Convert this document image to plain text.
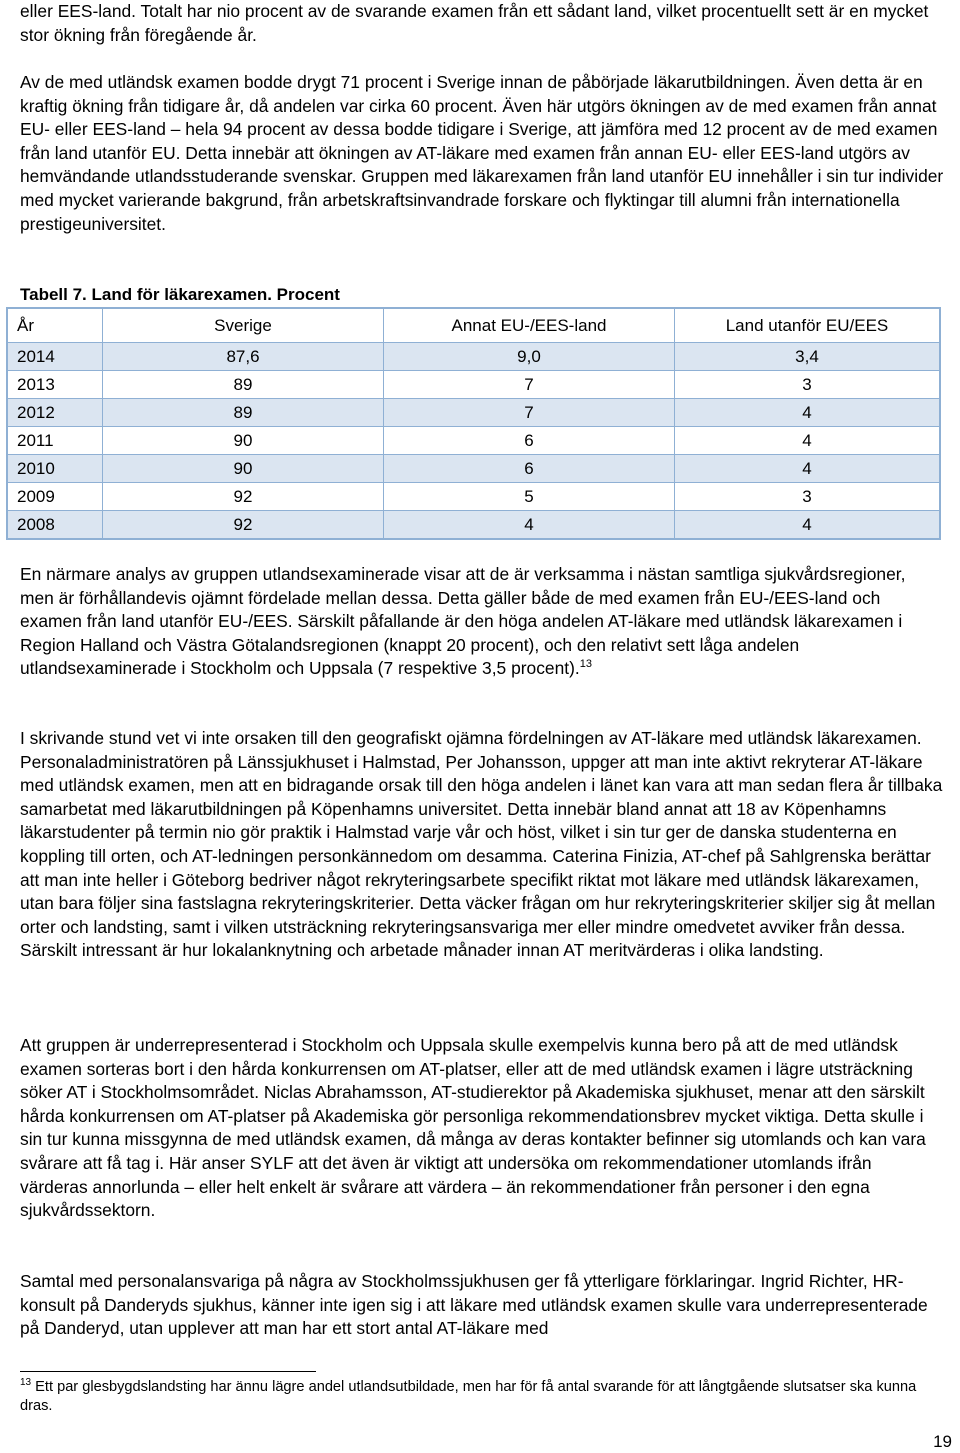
eller EES-land. Totalt har nio procent av de svarande examen från ett sådant land, vilket procentuellt sett är en mycket stor ökning från föregående år.

Av de med utländsk examen bodde drygt 71 procent i Sverige innan de påbörjade läkarutbildningen. Även detta är en kraftig ökning från tidigare år, då andelen var cirka 60 procent. Även här utgörs ökningen av de med examen från annat EU- eller EES-land – hela 94 procent av dessa bodde tidigare i Sverige, att jämföra med 12 procent av de med examen från land utanför EU. Detta innebär att ökningen av AT-läkare med examen från annan EU- eller EES-land utgörs av hemvändande utlandsstuderande svenskar. Gruppen med läkarexamen från land utanför EU innehåller i sin tur individer med mycket varierande bakgrund, från arbetskraftsinvandrade forskare och flyktingar till alumni från internationella prestigeuniversitet.

Tabell 7. Land för läkarexamen. Procent
År	Sverige	Annat EU-/EES-land	Land utanför EU/EES
2014	87,6	9,0	3,4
2013	89	7	3
2012	89	7	4
2011	90	6	4
2010	90	6	4
2009	92	5	3
2008	92	4	4

En närmare analys av gruppen utlandsexaminerade visar att de är verksamma i nästan samtliga sjukvårdsregioner, men är förhållandevis ojämnt fördelade mellan dessa. Detta gäller både de med examen från EU-/EES-land och examen från land utanför EU-/EES. Särskilt påfallande är den höga andelen AT-läkare med utländsk läkarexamen i Region Halland och Västra Götalandsregionen (knappt 20 procent), och den relativt sett låga andelen utlandsexaminerade i Stockholm och Uppsala (7 respektive 3,5 procent).$^{13}$

I skrivande stund vet vi inte orsaken till den geografiskt ojämna fördelningen av AT-läkare med utländsk läkarexamen. Personaladministratören på Länssjukhuset i Halmstad, Per Johansson, uppger att man inte aktivt rekryterar AT-läkare med utländsk examen, men att en bidragande orsak till den höga andelen i länet kan vara att man sedan flera år tillbaka samarbetat med läkarutbildningen på Köpenhamns universitet. Detta innebär bland annat att 18 av Köpenhamns läkarstudenter på termin nio gör praktik i Halmstad varje vår och höst, vilket i sin tur ger de danska studenterna en koppling till orten, och AT-ledningen personkännedom om desamma. Caterina Finizia, AT-chef på Sahlgrenska berättar att man inte heller i Göteborg bedriver något rekryteringsarbete specifikt riktat mot läkare med utländsk läkarexamen, utan bara följer sina fastslagna rekryteringskriterier. Detta väcker frågan om hur rekryteringskriterier skiljer sig åt mellan orter och landsting, samt i vilken utsträckning rekryteringsansvariga mer eller mindre omedvetet avviker från dessa. Särskilt intressant är hur lokalanknytning och arbetade månader innan AT meritvärderas i olika landsting.

Att gruppen är underrepresenterad i Stockholm och Uppsala skulle exempelvis kunna bero på att de med utländsk examen sorteras bort i den hårda konkurrensen om AT-platser, eller att de med utländsk examen i lägre utsträckning söker AT i Stockholmsområdet. Niclas Abrahamsson, AT-studierektor på Akademiska sjukhuset, menar att den särskilt hårda konkurrensen om AT-platser på Akademiska gör personliga rekommendationsbrev mycket viktiga. Detta skulle i sin tur kunna missgynna de med utländsk examen, då många av deras kontakter befinner sig utomlands och kan vara svårare att få tag i. Här anser SYLF att det även är viktigt att undersöka om rekommendationer utomlands ifrån värderas annorlunda – eller helt enkelt är svårare att värdera – än rekommendationer från personer i den egna sjukvårdssektorn.

Samtal med personalansvariga på några av Stockholmssjukhusen ger få ytterligare förklaringar. Ingrid Richter, HR-konsult på Danderyds sjukhus, känner inte igen sig i att läkare med utländsk examen skulle vara underrepresenterade på Danderyd, utan upplever att man har ett stort antal AT-läkare med

$^{13}$ Ett par glesbygdslandsting har ännu lägre andel utlandsutbildade, men har för få antal svarande för att långtgående slutsatser ska kunna dras.

19
